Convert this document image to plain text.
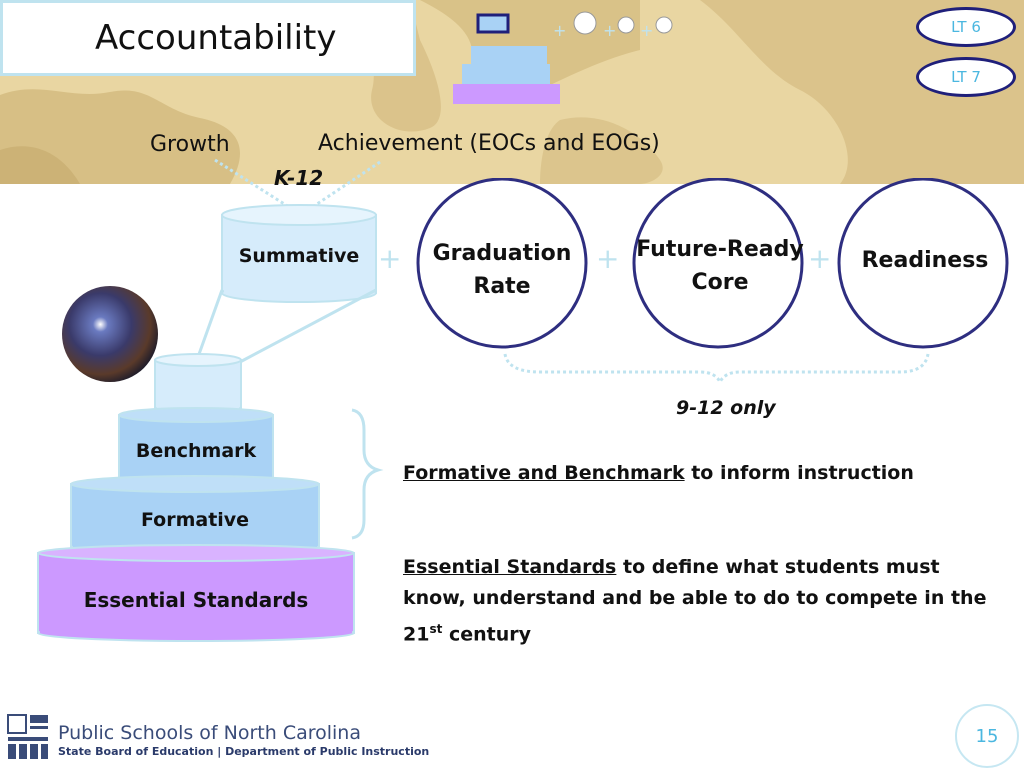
Accountability	+ + +	LT 6
LT 7
Growth	Achievement (EOCs and EOGs)
K-12
Summative +	+	+
Graduation
Rate
Future-Ready
Core
Readiness
9-12 only
Benchmark
Formative
Essential Standards
Formative and Benchmark to inform instruction
Essential Standards to define what students must know, understand and be able to do to compete in the 21st century
Public Schools of North Carolina
State Board of Education | Department of Public Instruction
15
